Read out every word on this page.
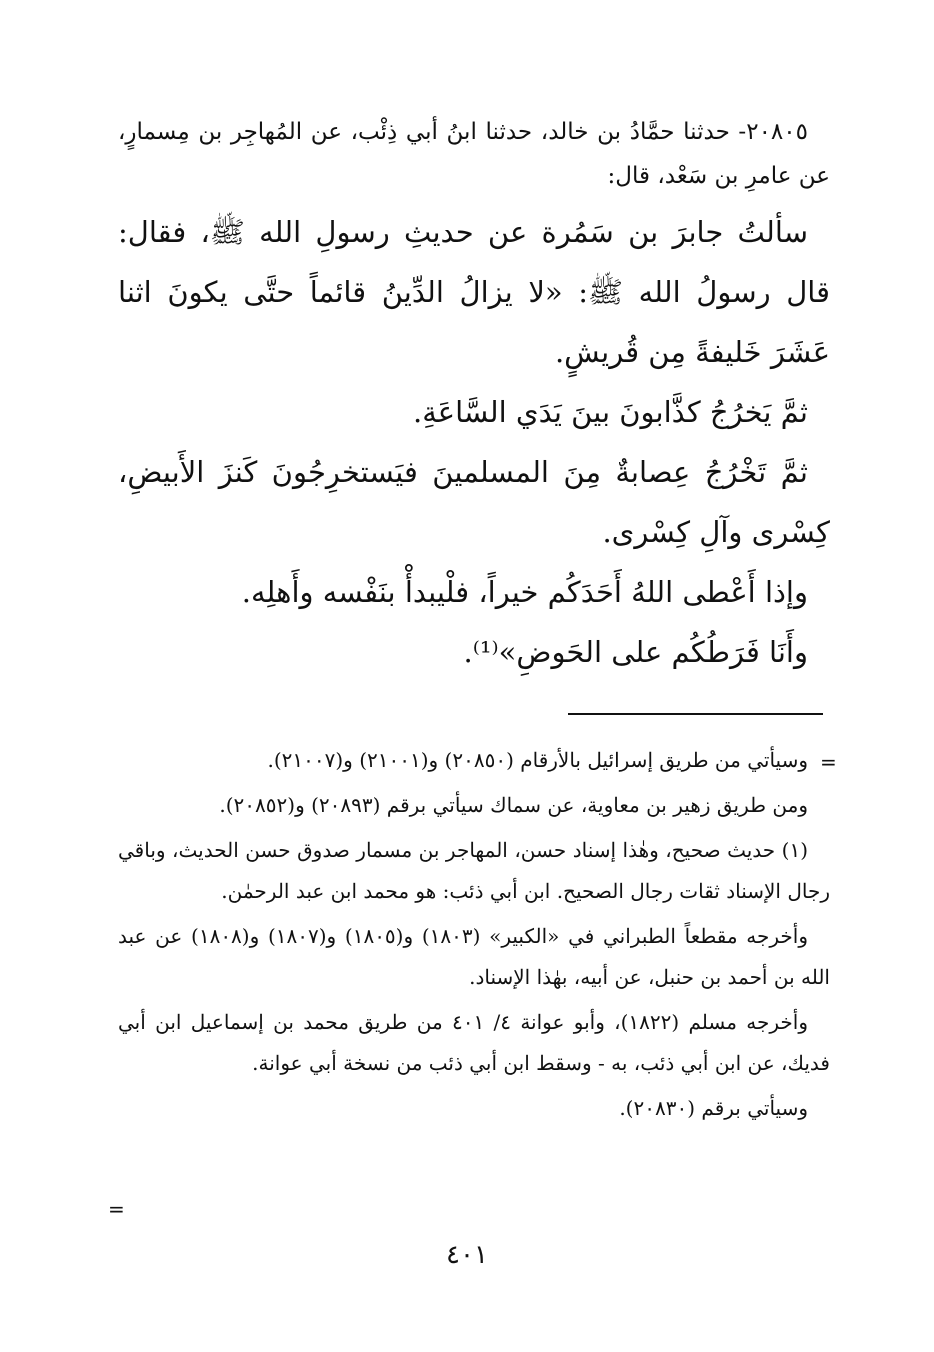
٢٠٨٠٥- حدثنا حمَّادُ بن خالد، حدثنا ابنُ أبي ذِئْب، عن المُهاجِر بن مِسمارٍ، عن عامرِ بن سَعْد، قال:

سألتُ جابرَ بن سَمُرة عن حديثِ رسولِ الله ﷺ، فقال: قال رسولُ الله ﷺ: «لا يزالُ الدِّينُ قائماً حتَّى يكونَ اثنا عَشَرَ خَليفةً مِن قُريشٍ.

ثمَّ يَخرُجُ كذَّابونَ بينَ يَدَي السَّاعَةِ.

ثمَّ تَخْرُجُ عِصابةٌ مِنَ المسلمينَ فيَستخرِجُونَ كَنزَ الأَبيضِ، كِسْرى وآلِ كِسْرى.

وإذا أَعْطى اللهُ أَحَدَكُم خيراً، فلْيبدأْ بنَفْسه وأَهلِه.

وأَنَا فَرَطُكُم على الحَوضِ»⁽¹⁾.

=

وسيأتي من طريق إسرائيل بالأرقام (٢٠٨٥٠) و(٢١٠٠١) و(٢١٠٠٧).

ومن طريق زهير بن معاوية، عن سماك سيأتي برقم (٢٠٨٩٣) و(٢٠٨٥٢).

(١) حديث صحيح، وهٰذا إسناد حسن، المهاجر بن مسمار صدوق حسن الحديث، وباقي رجال الإسناد ثقات رجال الصحيح. ابن أبي ذئب: هو محمد ابن عبد الرحمٰن.

وأخرجه مقطعاً الطبراني في «الكبير» (١٨٠٣) و(١٨٠٥) و(١٨٠٧) و(١٨٠٨) عن عبد الله بن أحمد بن حنبل، عن أبيه، بهٰذا الإسناد.

وأخرجه مسلم (١٨٢٢)، وأبو عوانة ٤/ ٤٠١ من طريق محمد بن إسماعيل ابن أبي فديك، عن ابن أبي ذئب، به - وسقط ابن أبي ذئب من نسخة أبي عوانة.

وسيأتي برقم (٢٠٨٣٠).

=
٤٠١
